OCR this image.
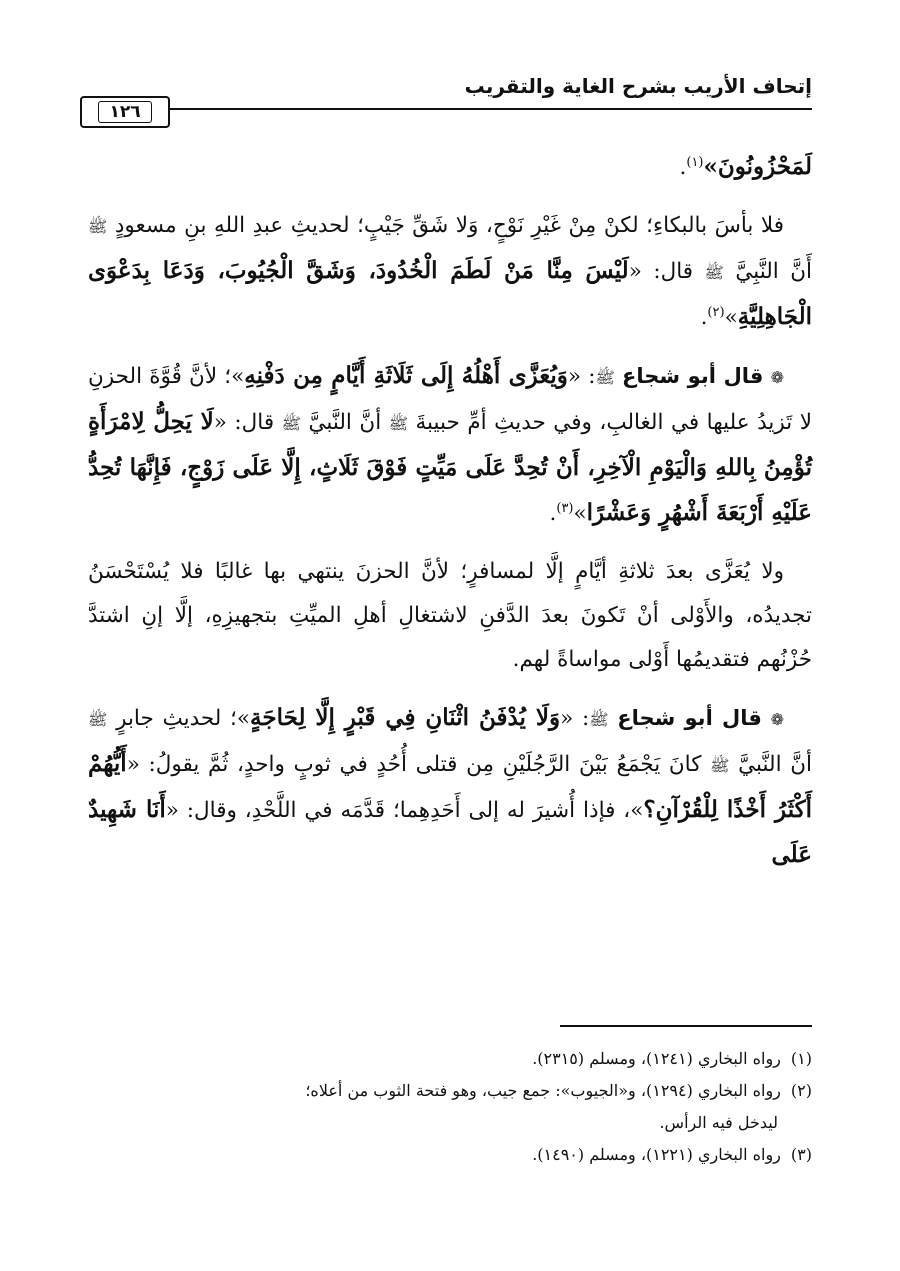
إتحاف الأريب بشرح الغاية والتقريب
١٢٦

لَمَحْزُونُونَ»$^{(١)}$.

فلا بأسَ بالبكاءِ؛ لكنْ مِنْ غَيْرِ نَوْحٍ، وَلا شَقِّ جَيْبٍ؛ لحديثِ عبدِ اللهِ بنِ مسعودٍ ﷺ أَنَّ النَّبِيَّ ﷺ قال: «لَيْسَ مِنَّا مَنْ لَطَمَ الْخُدُودَ، وَشَقَّ الْجُيُوبَ، وَدَعَا بِدَعْوَى الْجَاهِلِيَّةِ»$^{(٢)}$.

❁ قال أبو شجاع ﷺ: «وَيُعَزَّى أَهْلُهُ إِلَى ثَلَاثَةِ أَيَّامٍ مِن دَفْنِهِ»؛ لأنَّ قُوَّةَ الحزنِ لا تَزيدُ عليها في الغالبِ، وفي حديثِ أمِّ حبيبةَ ﷺ أنَّ النَّبيَّ ﷺ قال: «لَا يَحِلُّ لِامْرَأَةٍ تُؤْمِنُ بِاللهِ وَالْيَوْمِ الْآخِرِ، أَنْ تُحِدَّ عَلَى مَيِّتٍ فَوْقَ ثَلَاثٍ، إِلَّا عَلَى زَوْجٍ، فَإِنَّهَا تُحِدُّ عَلَيْهِ أَرْبَعَةَ أَشْهُرٍ وَعَشْرًا»$^{(٣)}$.

ولا يُعَزَّى بعدَ ثلاثةِ أيَّامٍ إلَّا لمسافرٍ؛ لأنَّ الحزنَ ينتهي بها غالبًا فلا يُسْتَحْسَنُ تجديدُه، والأَوْلى أنْ تَكونَ بعدَ الدَّفنِ لاشتغالِ أهلِ الميِّتِ بتجهيزِهِ، إلَّا إنِ اشتدَّ حُزْنُهم فتقديمُها أَوْلى مواساةً لهم.

❁ قال أبو شجاع ﷺ: «وَلَا يُدْفَنُ اثْنَانِ فِي قَبْرٍ إِلَّا لِحَاجَةٍ»؛ لحديثِ جابرٍ ﷺ أنَّ النَّبيَّ ﷺ كانَ يَجْمَعُ بَيْنَ الرَّجُلَيْنِ مِن قتلى أُحُدٍ في ثوبٍ واحدٍ، ثُمَّ يقولُ: «أَيُّهُمْ أَكْثَرُ أَخْذًا لِلْقُرْآنِ؟»، فإذا أُشيرَ له إلى أَحَدِهِما؛ قَدَّمَه في اللَّحْدِ، وقال: «أَنَا شَهِيدٌ عَلَى

(١)رواه البخاري (١٢٤١)، ومسلم (٢٣١٥).

(٢)رواه البخاري (١٢٩٤)، و«الجيوب»: جمع جيب، وهو فتحة الثوب من أعلاه؛

ليدخل فيه الرأس.

(٣)رواه البخاري (١٢٢١)، ومسلم (١٤٩٠).
